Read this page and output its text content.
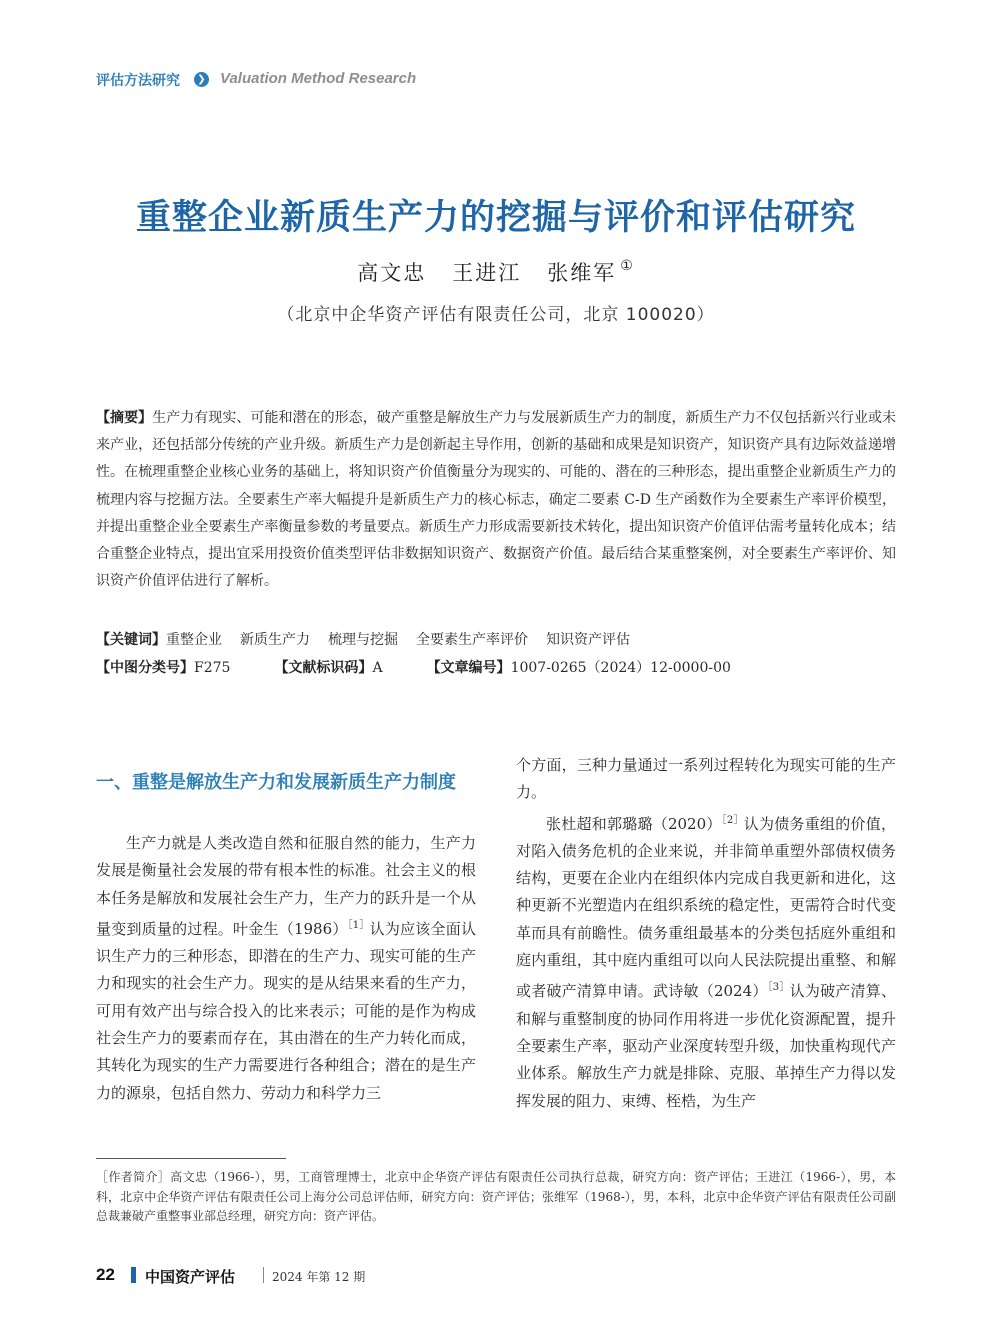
评估方法研究	❯ Valuation Method Research
重整企业新质生产力的挖掘与评价和评估研究
高文忠 王进江 张维军 ①
（北京中企华资产评估有限责任公司，北京 100020）
【摘要】生产力有现实、可能和潜在的形态，破产重整是解放生产力与发展新质生产力的制度，新质生产力不仅包括新兴行业或未来产业，还包括部分传统的产业升级。新质生产力是创新起主导作用，创新的基础和成果是知识资产，知识资产具有边际效益递增性。在梳理重整企业核心业务的基础上，将知识资产价值衡量分为现实的、可能的、潜在的三种形态，提出重整企业新质生产力的梳理内容与挖掘方法。全要素生产率大幅提升是新质生产力的核心标志，确定二要素 C-D 生产函数作为全要素生产率评价模型，并提出重整企业全要素生产率衡量参数的考量要点。新质生产力形成需要新技术转化，提出知识资产价值评估需考量转化成本；结合重整企业特点，提出宜采用投资价值类型评估非数据知识资产、数据资产价值。最后结合某重整案例，对全要素生产率评价、知识资产价值评估进行了解析。
【关键词】重整企业 新质生产力 梳理与挖掘 全要素生产率评价 知识资产评估
【中图分类号】F275	【文献标识码】A	【文章编号】1007-0265（2024）12-0000-00
一、重整是解放生产力和发展新质生产力制度

生产力就是人类改造自然和征服自然的能力，生产力发展是衡量社会发展的带有根本性的标准。社会主义的根本任务是解放和发展社会生产力，生产力的跃升是一个从量变到质量的过程。叶金生$(1986)^{[1]}$认为应该全面认识生产力的三种形态，即潜在的生产力、现实可能的生产力和现实的社会生产力。现实的是从结果来看的生产力，可用有效产出与综合投入的比来表示；可能的是作为构成社会生产力的要素而存在，其由潜在的生产力转化而成，其转化为现实的生产力需要进行各种组合；潜在的是生产力的源泉，包括自然力、劳动力和科学力三

个方面，三种力量通过一系列过程转化为现实可能的生产力。

张杜超和郭璐璐$(2020)^{[2]}$认为债务重组的价值，对陷入债务危机的企业来说，并非简单重塑外部债权债务结构，更要在企业内在组织体内完成自我更新和进化，这种更新不光塑造内在组织系统的稳定性，更需符合时代变革而具有前瞻性。债务重组最基本的分类包括庭外重组和庭内重组，其中庭内重组可以向人民法院提出重整、和解或者破产清算申请。武诗敏$(2024)^{[3]}$认为破产清算、和解与重整制度的协同作用将进一步优化资源配置，提升全要素生产率，驱动产业深度转型升级，加快重构现代产业体系。解放生产力就是排除、克服、革掉生产力得以发挥发展的阻力、束缚、桎梏，为生产

［作者简介］高文忠（1966-），男，工商管理博士，北京中企华资产评估有限责任公司执行总裁，研究方向：资产评估；王进江（1966-），男，本科，北京中企华资产评估有限责任公司上海分公司总评估师，研究方向：资产评估；张维军（1968-），男，本科，北京中企华资产评估有限责任公司副总裁兼破产重整事业部总经理，研究方向：资产评估。
22 中国资产评估	2024 年第 12 期
